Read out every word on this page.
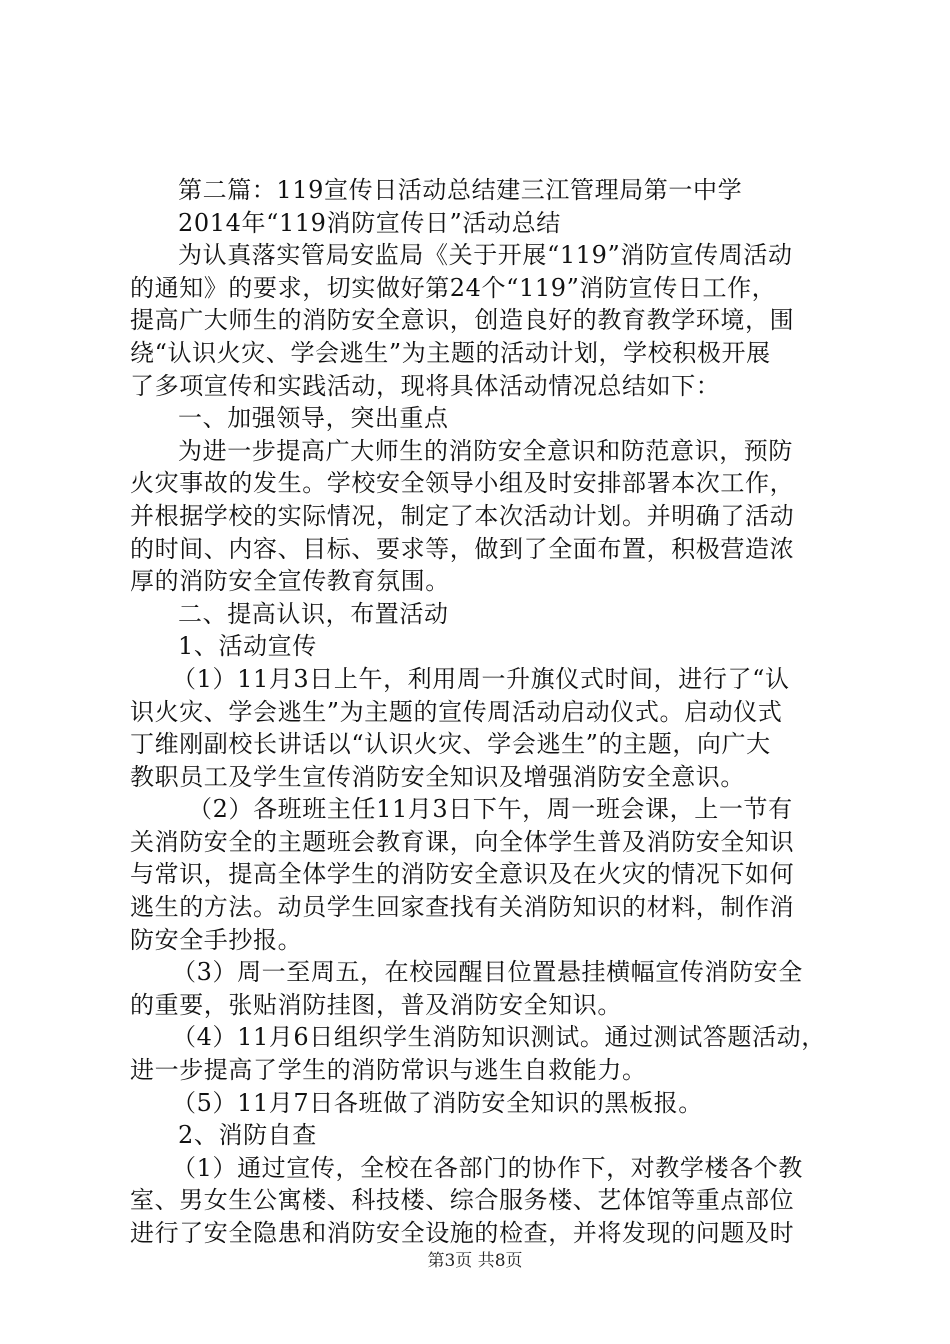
第二篇：119宣传日活动总结建三江管理局第一中学
2014年“119消防宣传日”活动总结
为认真落实管局安监局《关于开展“119”消防宣传周活动
的通知》的要求，切实做好第24个“119”消防宣传日工作，
提高广大师生的消防安全意识，创造良好的教育教学环境，围
绕“认识火灾、学会逃生”为主题的活动计划，学校积极开展
了多项宣传和实践活动，现将具体活动情况总结如下：
一、加强领导，突出重点
为进一步提高广大师生的消防安全意识和防范意识，预防
火灾事故的发生。学校安全领导小组及时安排部署本次工作，
并根据学校的实际情况，制定了本次活动计划。并明确了活动
的时间、内容、目标、要求等，做到了全面布置，积极营造浓
厚的消防安全宣传教育氛围。
二、提高认识，布置活动
1、活动宣传
（1）11月3日上午，利用周一升旗仪式时间，进行了“认
识火灾、学会逃生”为主题的宣传周活动启动仪式。启动仪式
丁维刚副校长讲话以“认识火灾、学会逃生”的主题，向广大
教职员工及学生宣传消防安全知识及增强消防安全意识。
（2）各班班主任11月3日下午，周一班会课，上一节有
关消防安全的主题班会教育课，向全体学生普及消防安全知识
与常识，提高全体学生的消防安全意识及在火灾的情况下如何
逃生的方法。动员学生回家查找有关消防知识的材料，制作消
防安全手抄报。
（3）周一至周五，在校园醒目位置悬挂横幅宣传消防安全
的重要，张贴消防挂图，普及消防安全知识。
（4）11月6日组织学生消防知识测试。通过测试答题活动，
进一步提高了学生的消防常识与逃生自救能力。
（5）11月7日各班做了消防安全知识的黑板报。
2、消防自查
（1）通过宣传，全校在各部门的协作下，对教学楼各个教
室、男女生公寓楼、科技楼、综合服务楼、艺体馆等重点部位
进行了安全隐患和消防安全设施的检查，并将发现的问题及时
第3页 共8页
